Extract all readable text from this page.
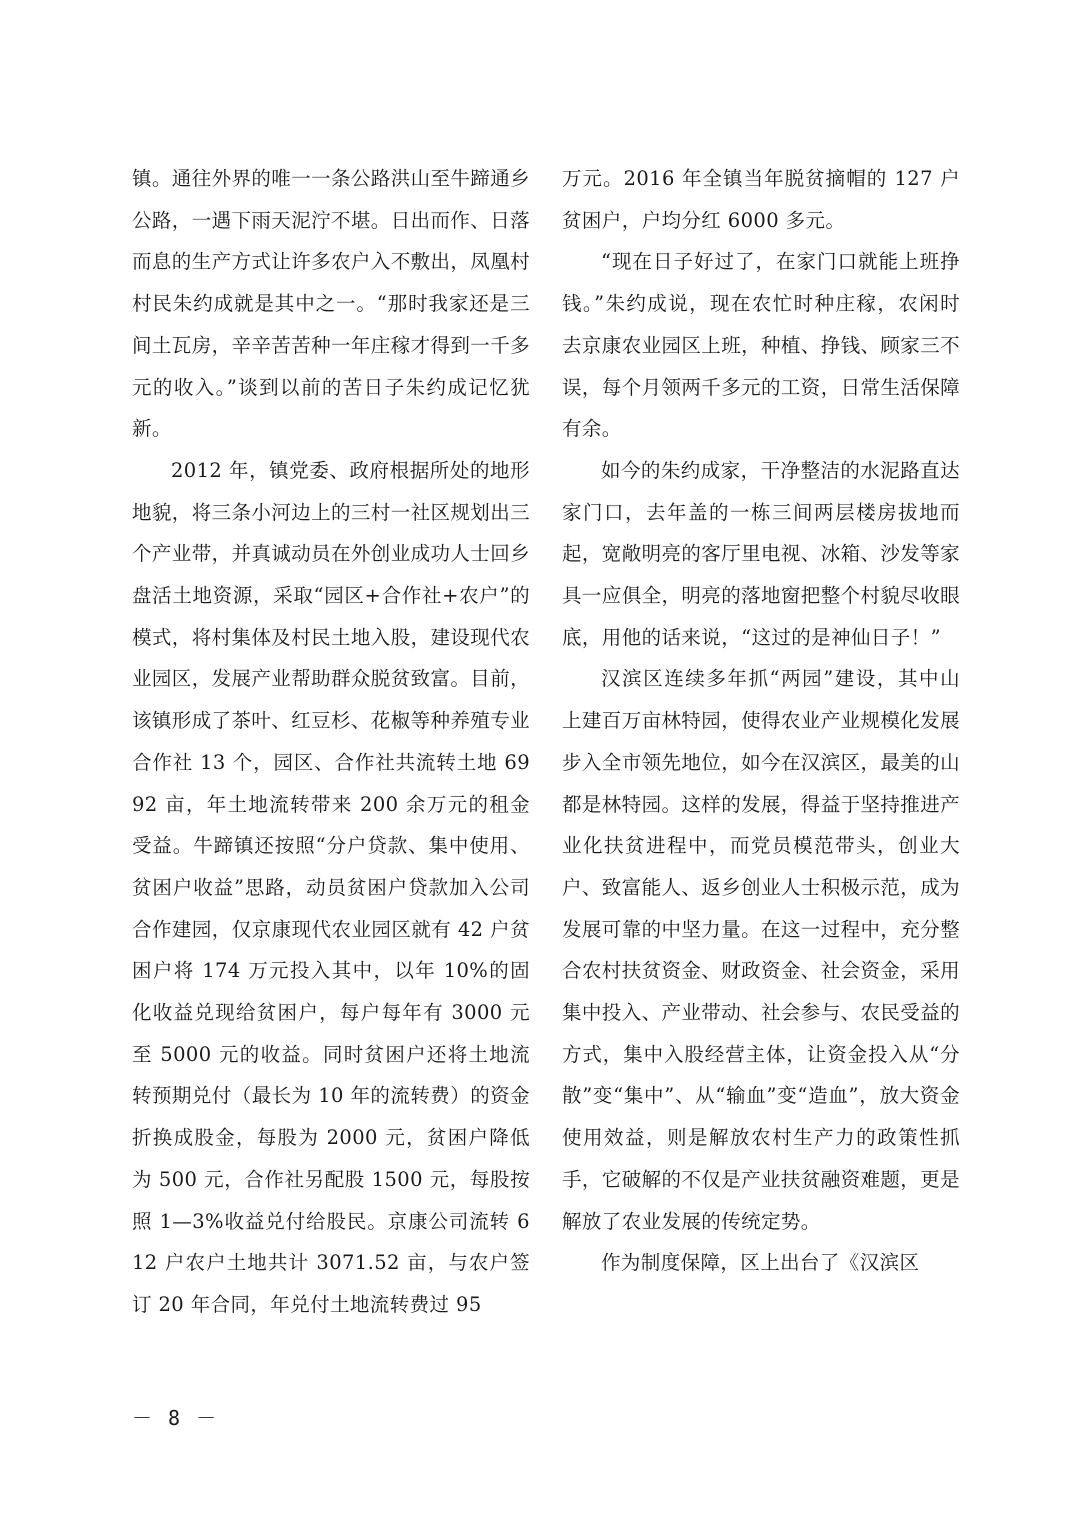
镇。通往外界的唯一一条公路洪山至牛蹄通乡公路，一遇下雨天泥泞不堪。日出而作、日落而息的生产方式让许多农户入不敷出，凤凰村村民朱约成就是其中之一。“那时我家还是三间土瓦房，辛辛苦苦种一年庄稼才得到一千多元的收入。”谈到以前的苦日子朱约成记忆犹新。

2012 年，镇党委、政府根据所处的地形地貌，将三条小河边上的三村一社区规划出三个产业带，并真诚动员在外创业成功人士回乡盘活土地资源，采取“园区+合作社+农户”的模式，将村集体及村民土地入股，建设现代农业园区，发展产业帮助群众脱贫致富。目前，该镇形成了茶叶、红豆杉、花椒等种养殖专业合作社 13 个，园区、合作社共流转土地 6992 亩，年土地流转带来 200 余万元的租金受益。牛蹄镇还按照“分户贷款、集中使用、贫困户收益”思路，动员贫困户贷款加入公司合作建园，仅京康现代农业园区就有 42 户贫困户将 174 万元投入其中，以年 10%的固化收益兑现给贫困户，每户每年有 3000 元至 5000 元的收益。同时贫困户还将土地流转预期兑付（最长为 10 年的流转费）的资金折换成股金，每股为 2000 元，贫困户降低为 500 元，合作社另配股 1500 元，每股按照 1—3%收益兑付给股民。京康公司流转 612 户农户土地共计 3071.52 亩，与农户签订 20 年合同，年兑付土地流转费过 95

万元。2016 年全镇当年脱贫摘帽的 127 户贫困户，户均分红 6000 多元。

“现在日子好过了，在家门口就能上班挣钱。”朱约成说，现在农忙时种庄稼，农闲时去京康农业园区上班，种植、挣钱、顾家三不误，每个月领两千多元的工资，日常生活保障有余。

如今的朱约成家，干净整洁的水泥路直达家门口，去年盖的一栋三间两层楼房拔地而起，宽敞明亮的客厅里电视、冰箱、沙发等家具一应俱全，明亮的落地窗把整个村貌尽收眼底，用他的话来说，“这过的是神仙日子！”

汉滨区连续多年抓“两园”建设，其中山上建百万亩林特园，使得农业产业规模化发展步入全市领先地位，如今在汉滨区，最美的山都是林特园。这样的发展，得益于坚持推进产业化扶贫进程中，而党员模范带头，创业大户、致富能人、返乡创业人士积极示范，成为发展可靠的中坚力量。在这一过程中，充分整合农村扶贫资金、财政资金、社会资金，采用集中投入、产业带动、社会参与、农民受益的方式，集中入股经营主体，让资金投入从“分散”变“集中”、从“输血”变“造血”，放大资金使用效益，则是解放农村生产力的政策性抓手，它破解的不仅是产业扶贫融资难题，更是解放了农业发展的传统定势。

作为制度保障，区上出台了《汉滨区

－ 8 －
